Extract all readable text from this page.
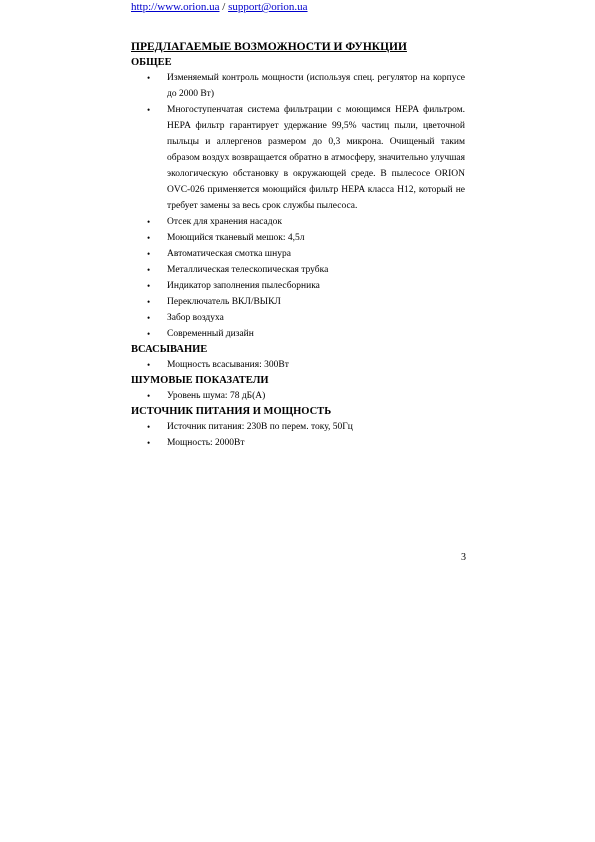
http://www.orion.ua / support@orion.ua
ПРЕДЛАГАЕМЫЕ ВОЗМОЖНОСТИ И ФУНКЦИИ
ОБЩЕЕ
• Изменяемый контроль мощности (используя спец. регулятор на корпусе до 2000 Вт)
• Многоступенчатая система фильтрации с моющимся HEPA фильтром. HEPA фильтр гарантирует удержание 99,5% частиц пыли, цветочной пыльцы и аллергенов размером до 0,3 микрона. Очищеный таким образом воздух возвращается обратно в атмосферу, значительно улучшая экологическую обстановку в окружающей среде. В пылесосе ORION OVC-026 применяется моющийся фильтр HEPA класса H12, который не требует замены за весь срок службы пылесоса.
• Отсек для хранения насадок
• Моющийся тканевый мешок: 4,5л
• Автоматическая смотка шнура
• Металлическая телескопическая трубка
• Индикатор заполнения пылесборника
• Переключатель ВКЛ/ВЫКЛ
• Забор воздуха
• Современный дизайн
ВСАСЫВАНИЕ
• Мощность всасывания: 300Вт
ШУМОВЫЕ ПОКАЗАТЕЛИ
• Уровень шума: 78 дБ(А)
ИСТОЧНИК ПИТАНИЯ И МОЩНОСТЬ
• Источник питания: 230В по перем. току, 50Гц
• Мощность: 2000Вт
3
